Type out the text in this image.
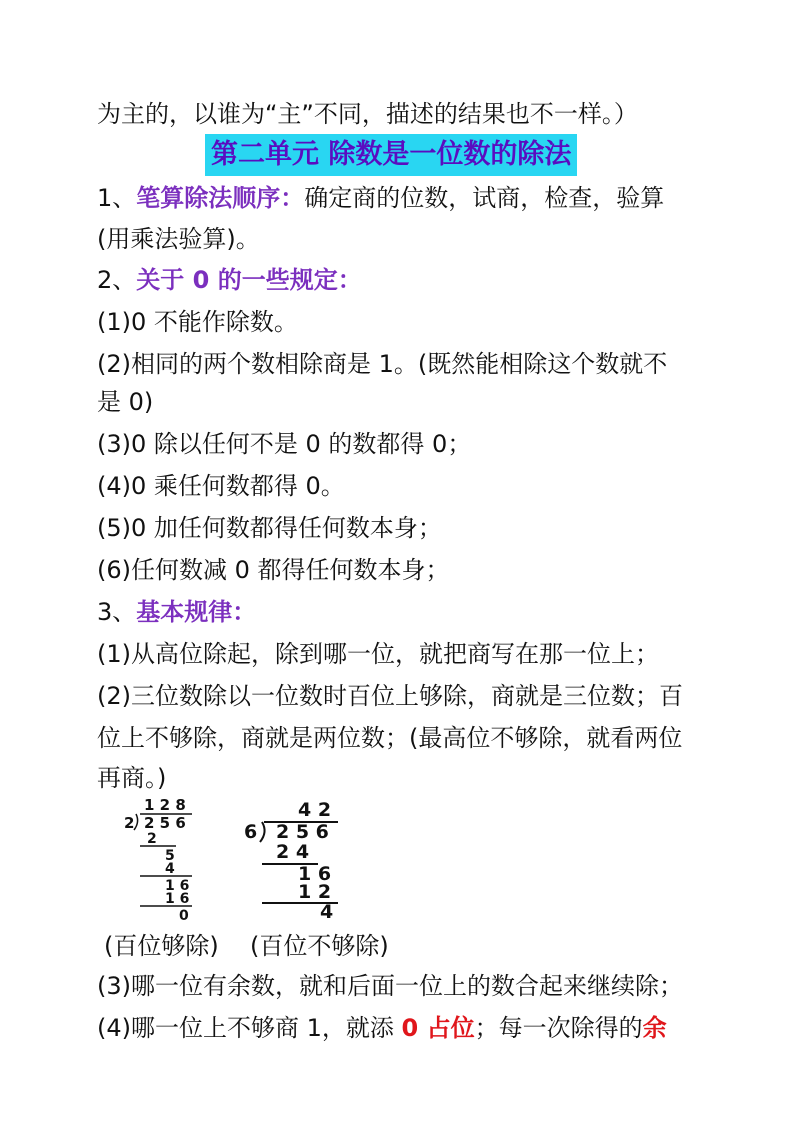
为主的，以谁为“主”不同，描述的结果也不一样。）
第二单元 除数是一位数的除法
1、笔算除法顺序：确定商的位数，试商，检查，验算
(用乘法验算)。
2、关于 0 的一些规定：
(1)0 不能作除数。
(2)相同的两个数相除商是 1。(既然能相除这个数就不
是 0)
(3)0 除以任何不是 0 的数都得 0；
(4)0 乘任何数都得 0。
(5)0 加任何数都得任何数本身；
(6)任何数减 0 都得任何数本身；
3、基本规律：
(1)从高位除起，除到哪一位，就把商写在那一位上；
(2)三位数除以一位数时百位上够除，商就是三位数；百
位上不够除，商就是两位数；(最高位不够除，就看两位
再商。)
1 2 8
2 2 5 6
2
5
4
1 6
1 6
0
4 2
6 2 5 6
2 4
1 6
1 2
4
(百位够除) (百位不够除)
(3)哪一位有余数，就和后面一位上的数合起来继续除；
(4)哪一位上不够商 1，就添 0 占位；每一次除得的余
